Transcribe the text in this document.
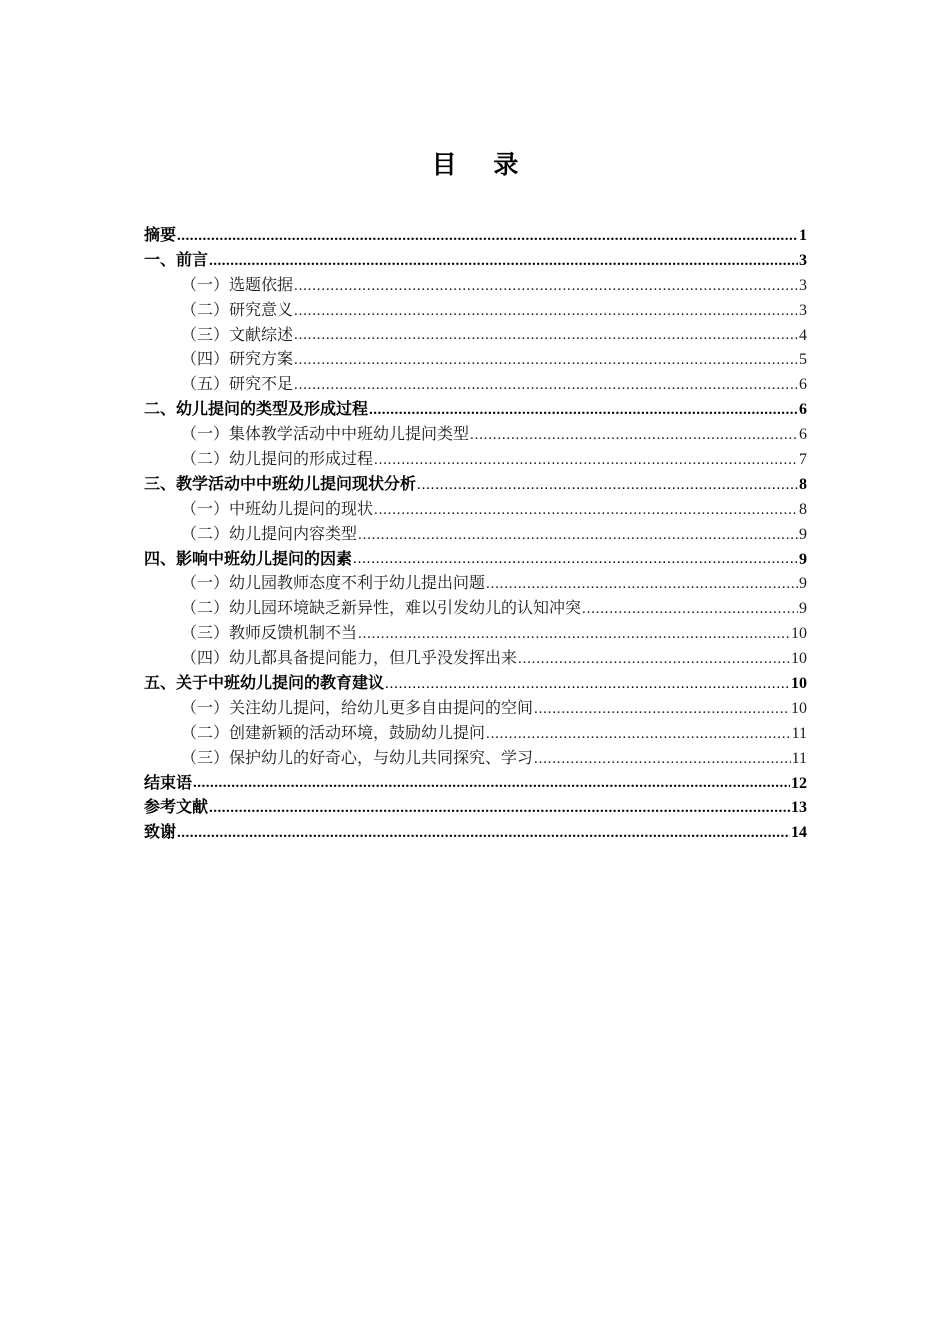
目 录
摘要 .....	1
一、前言 .....	3
（一）选题依据 .....	3
（二）研究意义 .....	3
（三）文献综述 .....	4
（四）研究方案 .....	5
（五）研究不足 .....	6
二、幼儿提问的类型及形成过程 .....	6
（一）集体教学活动中中班幼儿提问类型 .....	6
（二）幼儿提问的形成过程 .....	7
三、教学活动中中班幼儿提问现状分析 .....	8
（一）中班幼儿提问的现状 .....	8
（二）幼儿提问内容类型 .....	9
四、影响中班幼儿提问的因素 .....	9
（一）幼儿园教师态度不利于幼儿提出问题 .....	9
（二）幼儿园环境缺乏新异性，难以引发幼儿的认知冲突 .....	9
（三）教师反馈机制不当 .....	10
（四）幼儿都具备提问能力，但几乎没发挥出来 .....	10
五、关于中班幼儿提问的教育建议 .....	10
（一）关注幼儿提问，给幼儿更多自由提问的空间 .....	10
（二）创建新颖的活动环境，鼓励幼儿提问 .....	11
（三）保护幼儿的好奇心，与幼儿共同探究、学习 .....	11
结束语 .....	12
参考文献 .....	13
致谢 .....	14
